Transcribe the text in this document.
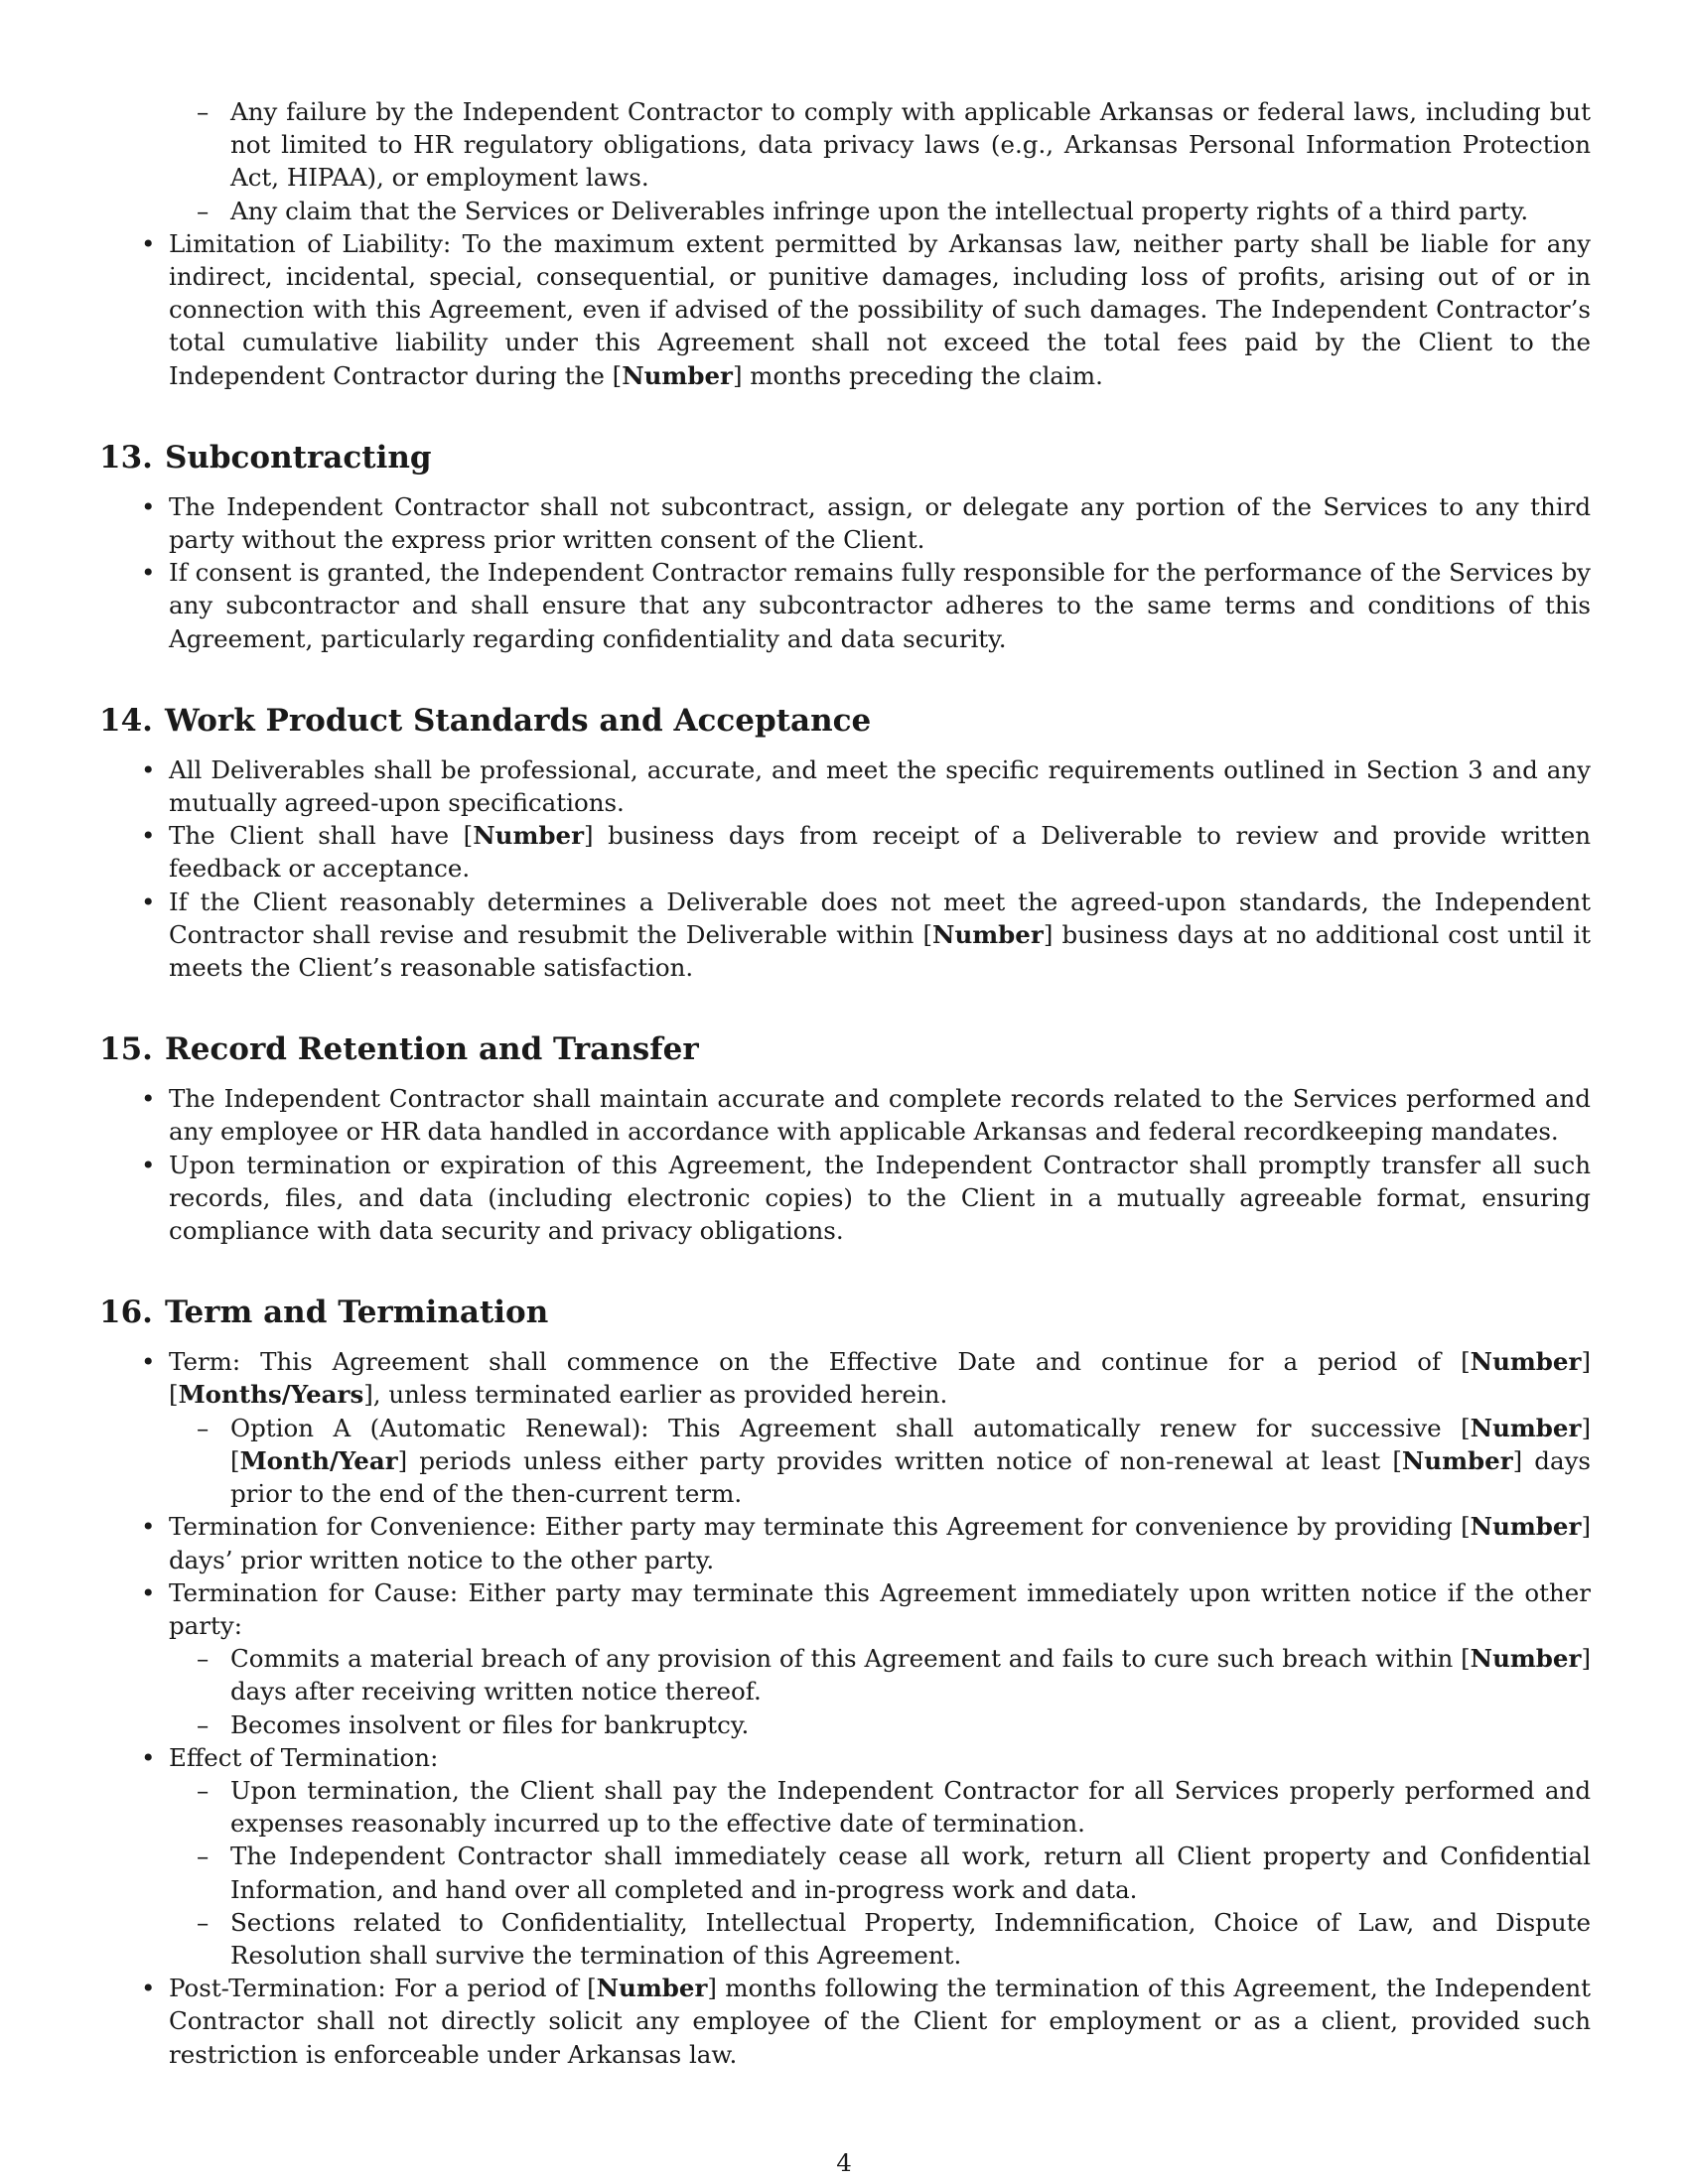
– Any failure by the Independent Contractor to comply with applicable Arkansas or federal laws, including but not limited to HR regulatory obligations, data privacy laws (e.g., Arkansas Personal Information Protection Act, HIPAA), or employment laws.
– Any claim that the Services or Deliverables infringe upon the intellectual property rights of a third party.
• Limitation of Liability: To the maximum extent permitted by Arkansas law, neither party shall be liable for any indirect, incidental, special, consequential, or punitive damages, including loss of profits, arising out of or in connection with this Agreement, even if advised of the possibility of such damages. The Independent Contractor’s total cumulative liability under this Agreement shall not exceed the total fees paid by the Client to the Independent Contractor during the [Number] months preceding the claim.
13. Subcontracting
• The Independent Contractor shall not subcontract, assign, or delegate any portion of the Services to any third party without the express prior written consent of the Client.
• If consent is granted, the Independent Contractor remains fully responsible for the performance of the Services by any subcontractor and shall ensure that any subcontractor adheres to the same terms and conditions of this Agreement, particularly regarding confidentiality and data security.
14. Work Product Standards and Acceptance
• All Deliverables shall be professional, accurate, and meet the specific requirements outlined in Section 3 and any mutually agreed-upon specifications.
• The Client shall have [Number] business days from receipt of a Deliverable to review and provide written feedback or acceptance.
• If the Client reasonably determines a Deliverable does not meet the agreed-upon standards, the Independent Contractor shall revise and resubmit the Deliverable within [Number] business days at no additional cost until it meets the Client’s reasonable satisfaction.
15. Record Retention and Transfer
• The Independent Contractor shall maintain accurate and complete records related to the Services performed and any employee or HR data handled in accordance with applicable Arkansas and federal recordkeeping mandates.
• Upon termination or expiration of this Agreement, the Independent Contractor shall promptly transfer all such records, files, and data (including electronic copies) to the Client in a mutually agreeable format, ensuring compliance with data security and privacy obligations.
16. Term and Termination
• Term: This Agreement shall commence on the Effective Date and continue for a period of [Number] [Months/Years], unless terminated earlier as provided herein.
– Option A (Automatic Renewal): This Agreement shall automatically renew for successive [Number] [Month/Year] periods unless either party provides written notice of non-renewal at least [Number] days prior to the end of the then-current term.
• Termination for Convenience: Either party may terminate this Agreement for convenience by providing [Number] days’ prior written notice to the other party.
• Termination for Cause: Either party may terminate this Agreement immediately upon written notice if the other party:
– Commits a material breach of any provision of this Agreement and fails to cure such breach within [Number] days after receiving written notice thereof.
– Becomes insolvent or files for bankruptcy.
• Effect of Termination:
– Upon termination, the Client shall pay the Independent Contractor for all Services properly performed and expenses reasonably incurred up to the effective date of termination.
– The Independent Contractor shall immediately cease all work, return all Client property and Confidential Information, and hand over all completed and in-progress work and data.
– Sections related to Confidentiality, Intellectual Property, Indemnification, Choice of Law, and Dispute Resolution shall survive the termination of this Agreement.
• Post-Termination: For a period of [Number] months following the termination of this Agreement, the Independent Contractor shall not directly solicit any employee of the Client for employment or as a client, provided such restriction is enforceable under Arkansas law.
4
